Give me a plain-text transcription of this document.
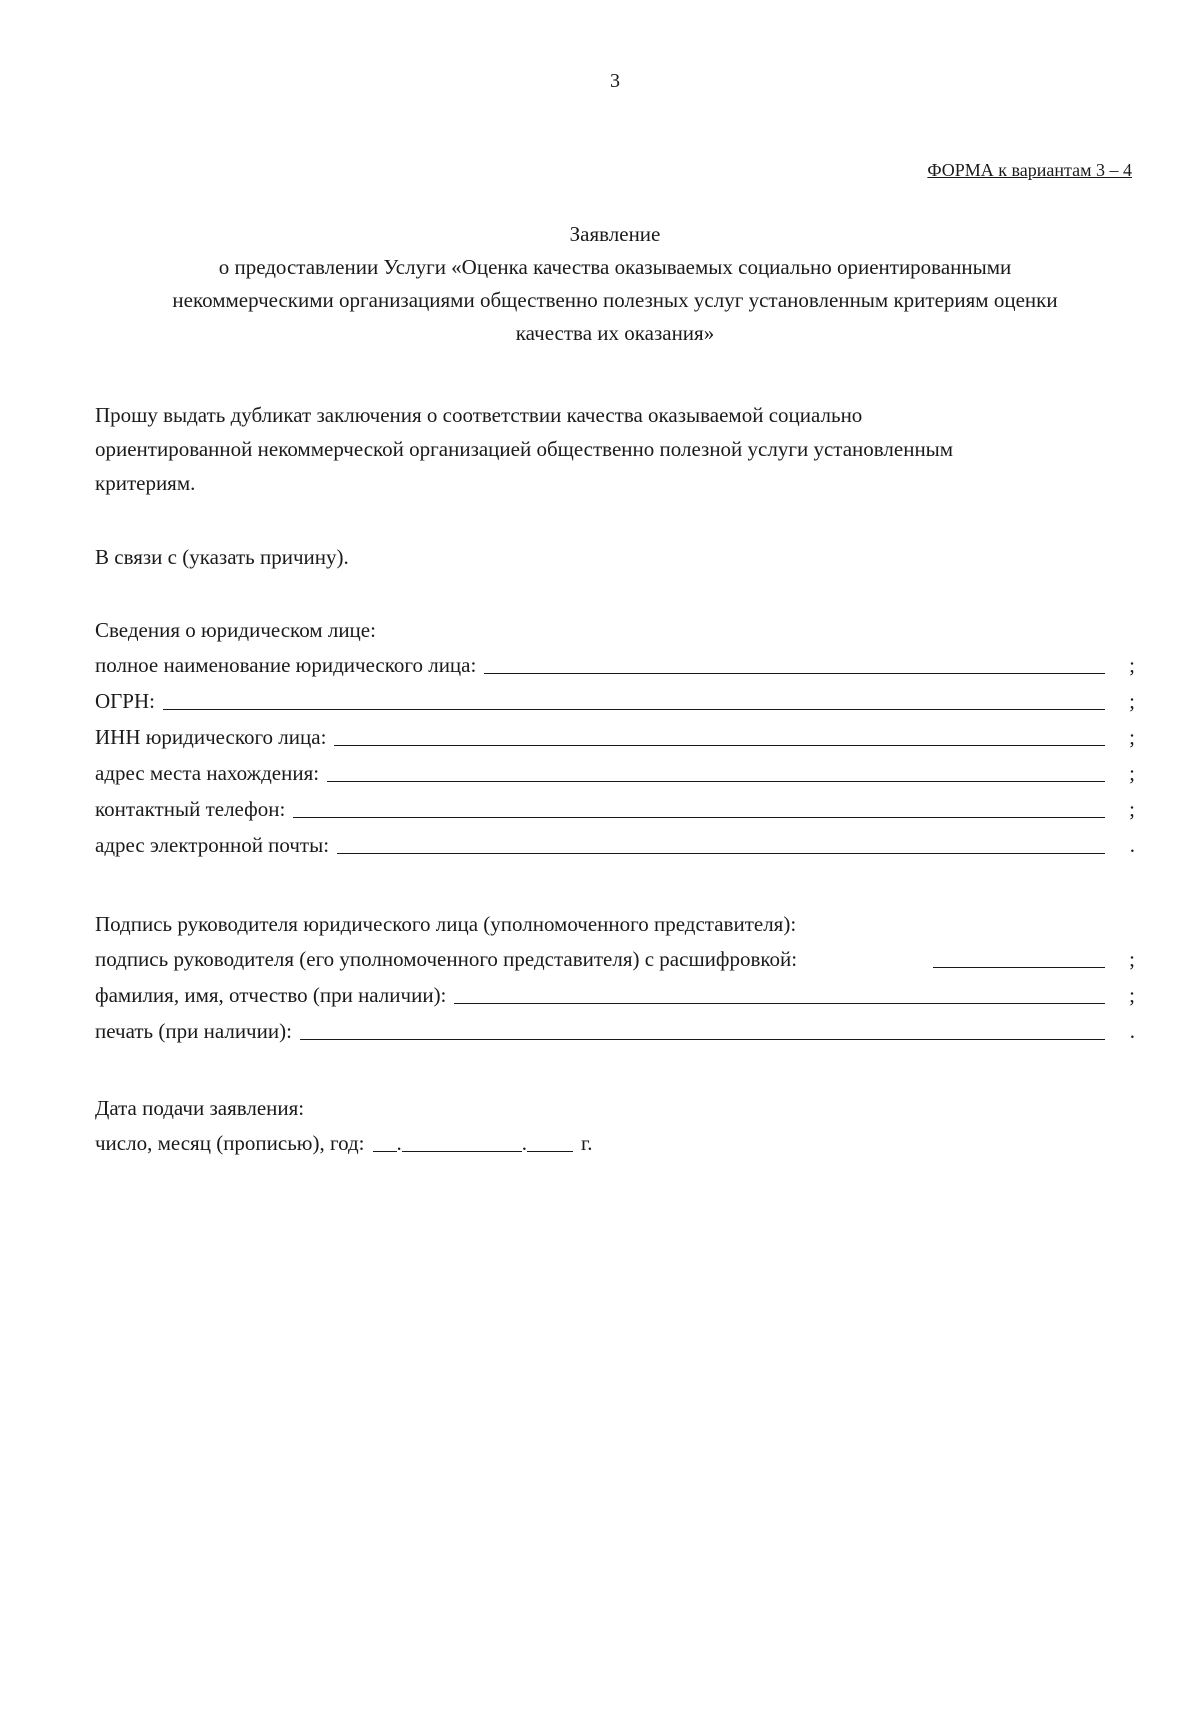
3
ФОРМА к вариантам 3 – 4
Заявление
о предоставлении Услуги «Оценка качества оказываемых социально ориентированными
некоммерческими организациями общественно полезных услуг установленным критериям оценки
качества их оказания»
Прошу выдать дубликат заключения о соответствии качества оказываемой социально
ориентированной некоммерческой организацией общественно полезной услуги установленным
критериям.
В связи с (указать причину).
Сведения о юридическом лице:
полное наименование юридического лица:	;
ОГРН:	;
ИНН юридического лица:	;
адрес места нахождения:	;
контактный телефон:	;
адрес электронной почты:	.
Подпись руководителя юридического лица (уполномоченного представителя):
подпись руководителя (его уполномоченного представителя) с расшифровкой:	;
фамилия, имя, отчество (при наличии):	;
печать (при наличии):	.
Дата подачи заявления:
число, месяц (прописью), год:	.	.	г.
